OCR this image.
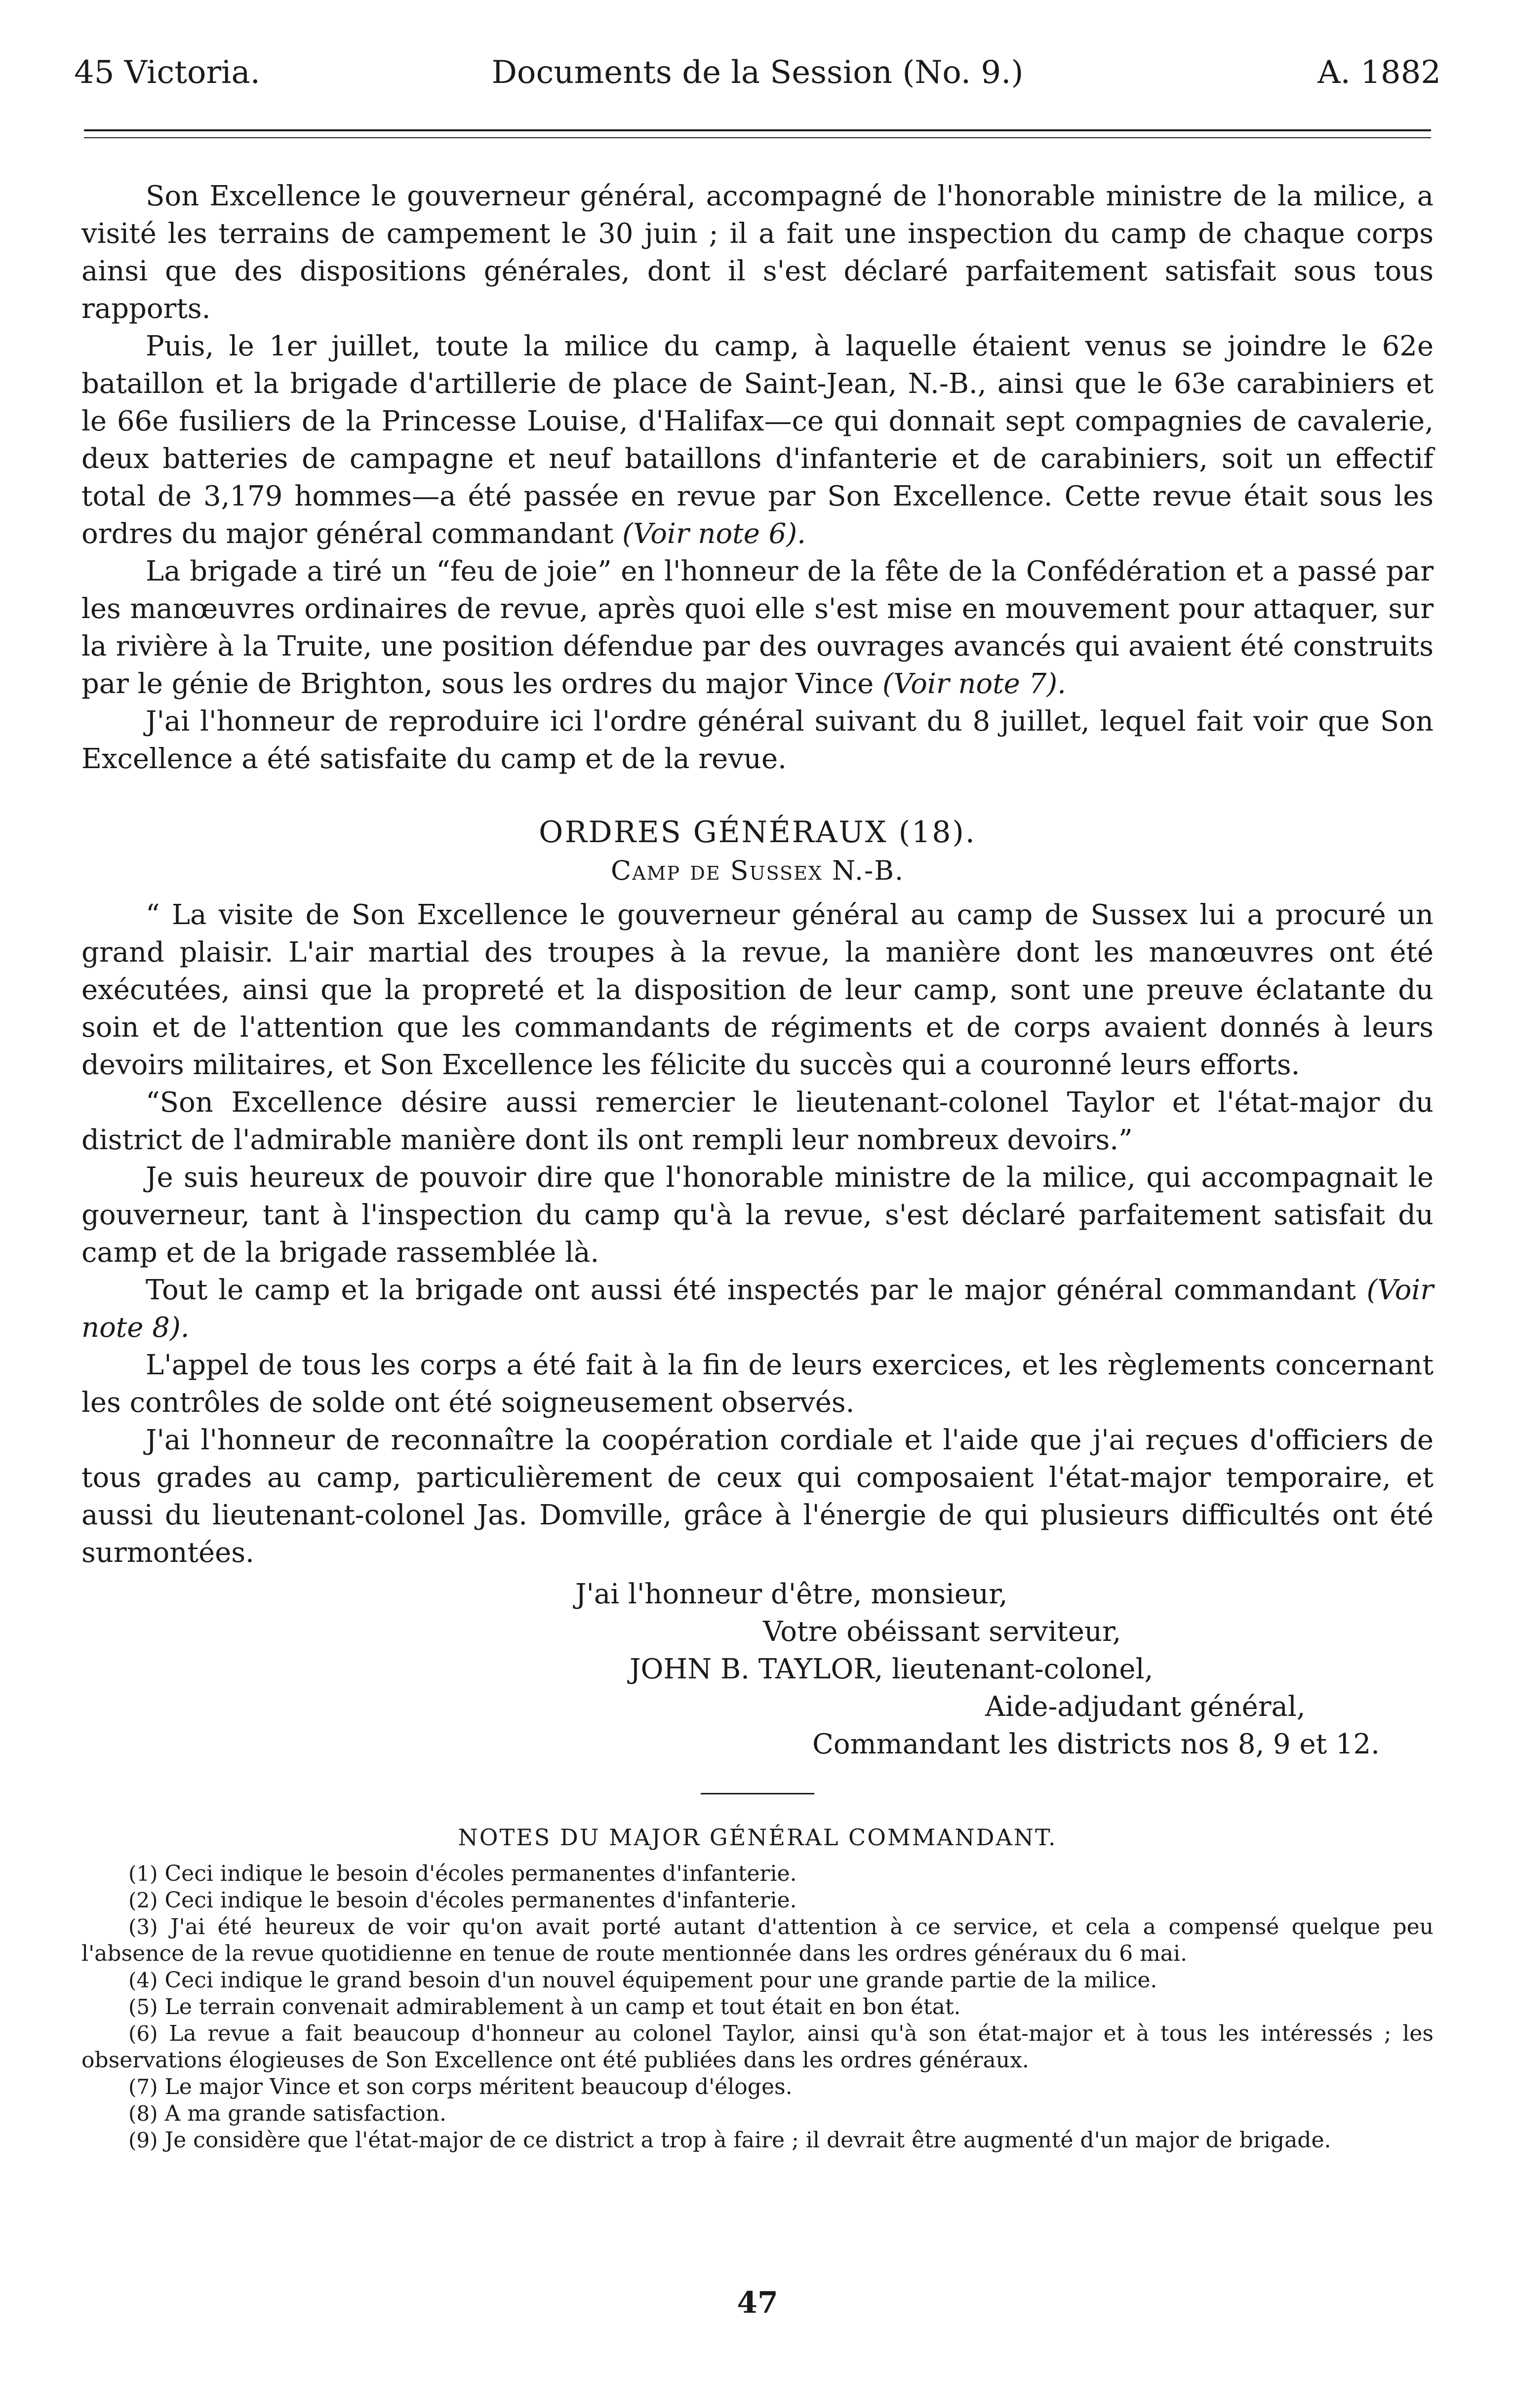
45 Victoria.	Documents de la Session (No. 9.)	A. 1882

Son Excellence le gouverneur général, accompagné de l'honorable ministre de la milice, a visité les terrains de campement le 30 juin ; il a fait une inspection du camp de chaque corps ainsi que des dispositions générales, dont il s'est déclaré parfaitement satisfait sous tous rapports.

Puis, le 1er juillet, toute la milice du camp, à laquelle étaient venus se joindre le 62e bataillon et la brigade d'artillerie de place de Saint-Jean, N.-B., ainsi que le 63e carabiniers et le 66e fusiliers de la Princesse Louise, d'Halifax—ce qui donnait sept compagnies de cavalerie, deux batteries de campagne et neuf bataillons d'infanterie et de carabiniers, soit un effectif total de 3,179 hommes—a été passée en revue par Son Excellence. Cette revue était sous les ordres du major général commandant (Voir note 6).

La brigade a tiré un “feu de joie” en l'honneur de la fête de la Confédération et a passé par les manœuvres ordinaires de revue, après quoi elle s'est mise en mouvement pour attaquer, sur la rivière à la Truite, une position défendue par des ouvrages avancés qui avaient été construits par le génie de Brighton, sous les ordres du major Vince (Voir note 7).

J'ai l'honneur de reproduire ici l'ordre général suivant du 8 juillet, lequel fait voir que Son Excellence a été satisfaite du camp et de la revue.

ORDRES GÉNÉRAUX (18).
Camp de Sussex N.-B.

“ La visite de Son Excellence le gouverneur général au camp de Sussex lui a procuré un grand plaisir. L'air martial des troupes à la revue, la manière dont les manœuvres ont été exécutées, ainsi que la propreté et la disposition de leur camp, sont une preuve éclatante du soin et de l'attention que les commandants de régiments et de corps avaient donnés à leurs devoirs militaires, et Son Excellence les félicite du succès qui a couronné leurs efforts.

“Son Excellence désire aussi remercier le lieutenant-colonel Taylor et l'état-major du district de l'admirable manière dont ils ont rempli leur nombreux devoirs.”

Je suis heureux de pouvoir dire que l'honorable ministre de la milice, qui accompagnait le gouverneur, tant à l'inspection du camp qu'à la revue, s'est déclaré parfaitement satisfait du camp et de la brigade rassemblée là.

Tout le camp et la brigade ont aussi été inspectés par le major général commandant (Voir note 8).

L'appel de tous les corps a été fait à la fin de leurs exercices, et les règlements concernant les contrôles de solde ont été soigneusement observés.

J'ai l'honneur de reconnaître la coopération cordiale et l'aide que j'ai reçues d'officiers de tous grades au camp, particulièrement de ceux qui composaient l'état-major temporaire, et aussi du lieutenant-colonel Jas. Domville, grâce à l'énergie de qui plusieurs difficultés ont été surmontées.

J'ai l'honneur d'être, monsieur,
Votre obéissant serviteur,
JOHN B. TAYLOR, lieutenant-colonel,
Aide-adjudant général,
Commandant les districts nos 8, 9 et 12.
NOTES DU MAJOR GÉNÉRAL COMMANDANT.

(1) Ceci indique le besoin d'écoles permanentes d'infanterie.

(2) Ceci indique le besoin d'écoles permanentes d'infanterie.

(3) J'ai été heureux de voir qu'on avait porté autant d'attention à ce service, et cela a compensé quelque peu l'absence de la revue quotidienne en tenue de route mentionnée dans les ordres généraux du 6 mai.

(4) Ceci indique le grand besoin d'un nouvel équipement pour une grande partie de la milice.

(5) Le terrain convenait admirablement à un camp et tout était en bon état.

(6) La revue a fait beaucoup d'honneur au colonel Taylor, ainsi qu'à son état-major et à tous les intéressés ; les observations élogieuses de Son Excellence ont été publiées dans les ordres généraux.

(7) Le major Vince et son corps méritent beaucoup d'éloges.

(8) A ma grande satisfaction.

(9) Je considère que l'état-major de ce district a trop à faire ; il devrait être augmenté d'un major de brigade.

47
